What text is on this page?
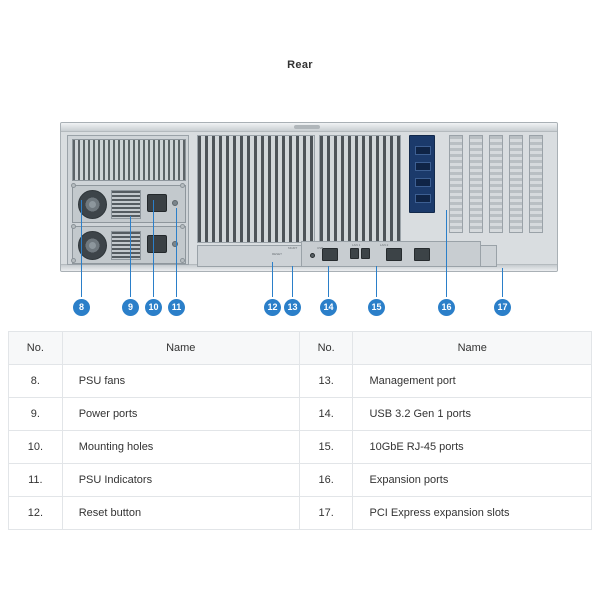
Rear
RESET
MGMT	USB
LAN 1	LAN 2
8	9	10	11	12	13	14	15	16	17
No.	Name	No.	Name
8.	PSU fans	13.	Management port
9.	Power ports	14.	USB 3.2 Gen 1 ports
10.	Mounting holes	15.	10GbE RJ-45 ports
11.	PSU Indicators	16.	Expansion ports
12.	Reset button	17.	PCI Express expansion slots
